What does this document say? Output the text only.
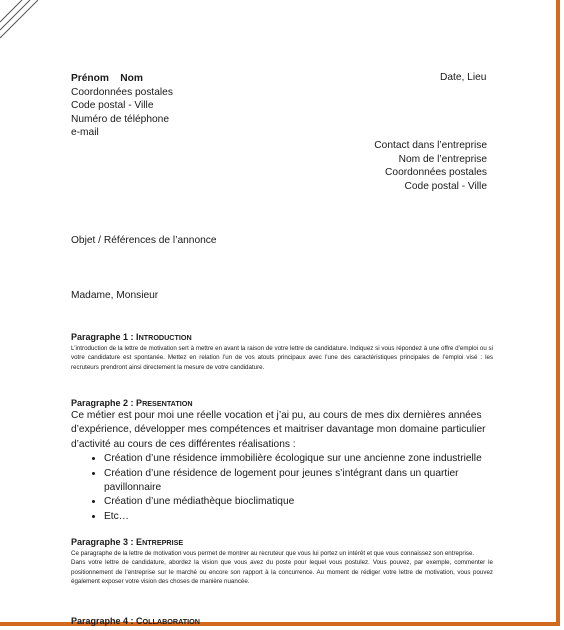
Prénom Nom
Coordonnées postales
Code postal - Ville
Numéro de téléphone
e-mail
Date, Lieu
Contact dans l’entreprise
Nom de l’entreprise
Coordonnées postales
Code postal - Ville
Objet / Références de l’annonce
Madame, Monsieur
Paragraphe 1 : INTRODUCTION

L’introduction de la lettre de motivation sert à mettre en avant la raison de votre lettre de candidature. Indiquez si vous répondez à une offre d’emploi ou si votre candidature est spontanée. Mettez en relation l’un de vos atouts principaux avec l’une des caractéristiques principales de l’emploi visé : les recruteurs prendront ainsi directement la mesure de votre candidature.

Paragraphe 2 : PRESENTATION
Ce métier est pour moi une réelle vocation et j’ai pu, au cours de mes dix dernières années d’expérience, développer mes compétences et maitriser davantage mon domaine particulier d’activité au cours de ces différentes réalisations :
• Création d’une résidence immobilière écologique sur une ancienne zone industrielle
• Création d’une résidence de logement pour jeunes s’intégrant dans un quartier pavillonnaire
• Création d’une médiathèque bioclimatique
• Etc…
Paragraphe 3 : ENTREPRISE

Ce paragraphe de la lettre de motivation vous permet de montrer au recruteur que vous lui portez un intérêt et que vous connaissez son entreprise.

Dans votre lettre de candidature, abordez la vision que vous avez du poste pour lequel vous postulez. Vous pouvez, par exemple, commenter le positionnement de l’entreprise sur le marché ou encore son rapport à la concurrence. Au moment de rédiger votre lettre de motivation, vous pouvez également exposer votre vision des choses de manière nuancée.

Paragraphe 4 : COLLABORATION
